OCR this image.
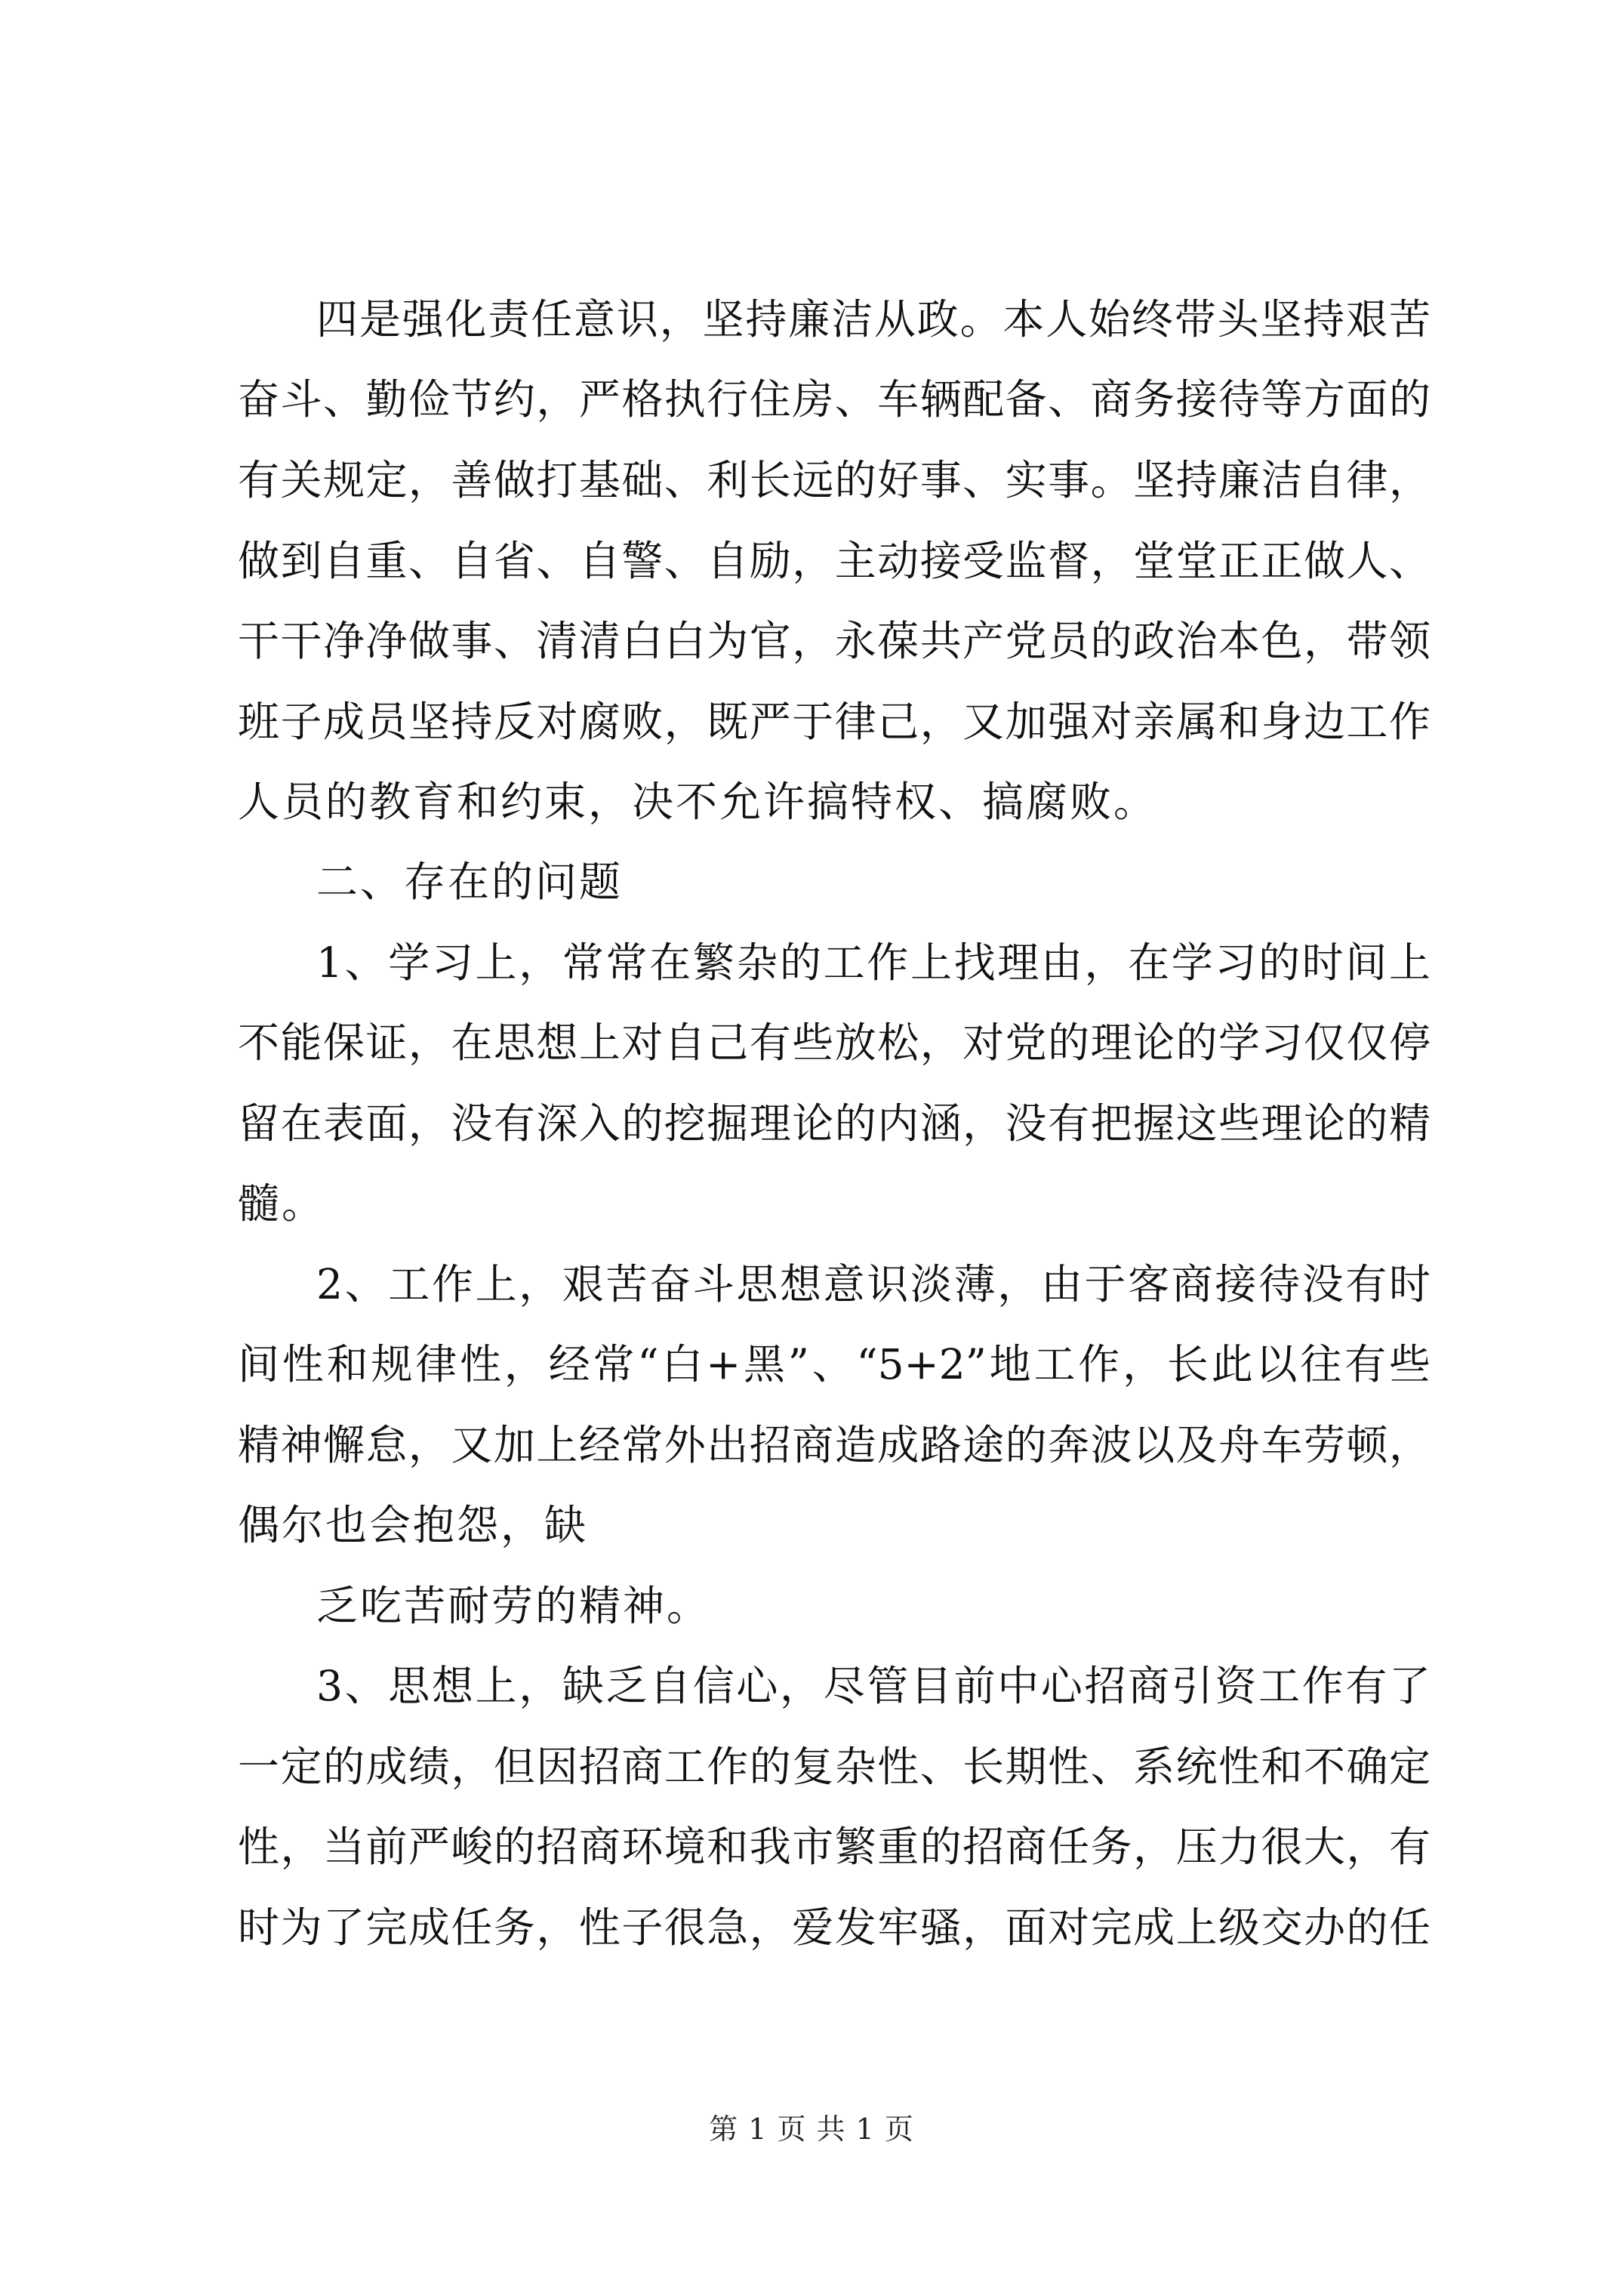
四是强化责任意识，坚持廉洁从政。本人始终带头坚持艰苦
奋斗、勤俭节约，严格执行住房、车辆配备、商务接待等方面的
有关规定，善做打基础、利长远的好事、实事。坚持廉洁自律，
做到自重、自省、自警、自励，主动接受监督，堂堂正正做人、
干干净净做事、清清白白为官，永葆共产党员的政治本色，带领
班子成员坚持反对腐败，既严于律己，又加强对亲属和身边工作
人员的教育和约束，决不允许搞特权、搞腐败。
二、存在的问题
1、学习上，常常在繁杂的工作上找理由，在学习的时间上
不能保证，在思想上对自己有些放松，对党的理论的学习仅仅停
留在表面，没有深入的挖掘理论的内涵，没有把握这些理论的精
髓。
2、工作上，艰苦奋斗思想意识淡薄，由于客商接待没有时
间性和规律性，经常“白+黑”、“5+2”地工作，长此以往有些
精神懈怠，又加上经常外出招商造成路途的奔波以及舟车劳顿，
偶尔也会抱怨，缺
乏吃苦耐劳的精神。
3、思想上，缺乏自信心，尽管目前中心招商引资工作有了
一定的成绩，但因招商工作的复杂性、长期性、系统性和不确定
性，当前严峻的招商环境和我市繁重的招商任务，压力很大，有
时为了完成任务，性子很急，爱发牢骚，面对完成上级交办的任
第 1 页 共 1 页
